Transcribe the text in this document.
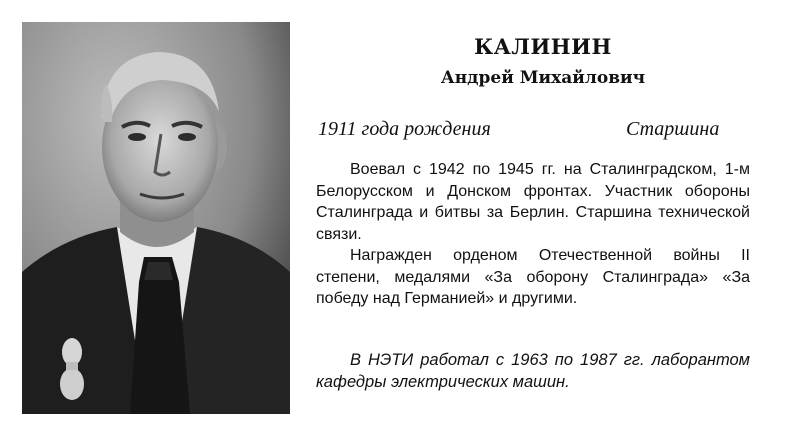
КАЛИНИН
Андрей Михайлович
1911 года рождения	Старшина

Воевал с 1942 по 1945 гг. на Сталинградском, 1-м Белорусском и Донском фронтах. Участник обороны Сталинграда и битвы за Берлин. Старшина технической связи.

Награжден орденом Отечественной войны II степени, медалями «За оборону Сталинграда» «За победу над Германией» и другими.

В НЭТИ работал с 1963 по 1987 гг. лаборантом кафедры электрических машин.
